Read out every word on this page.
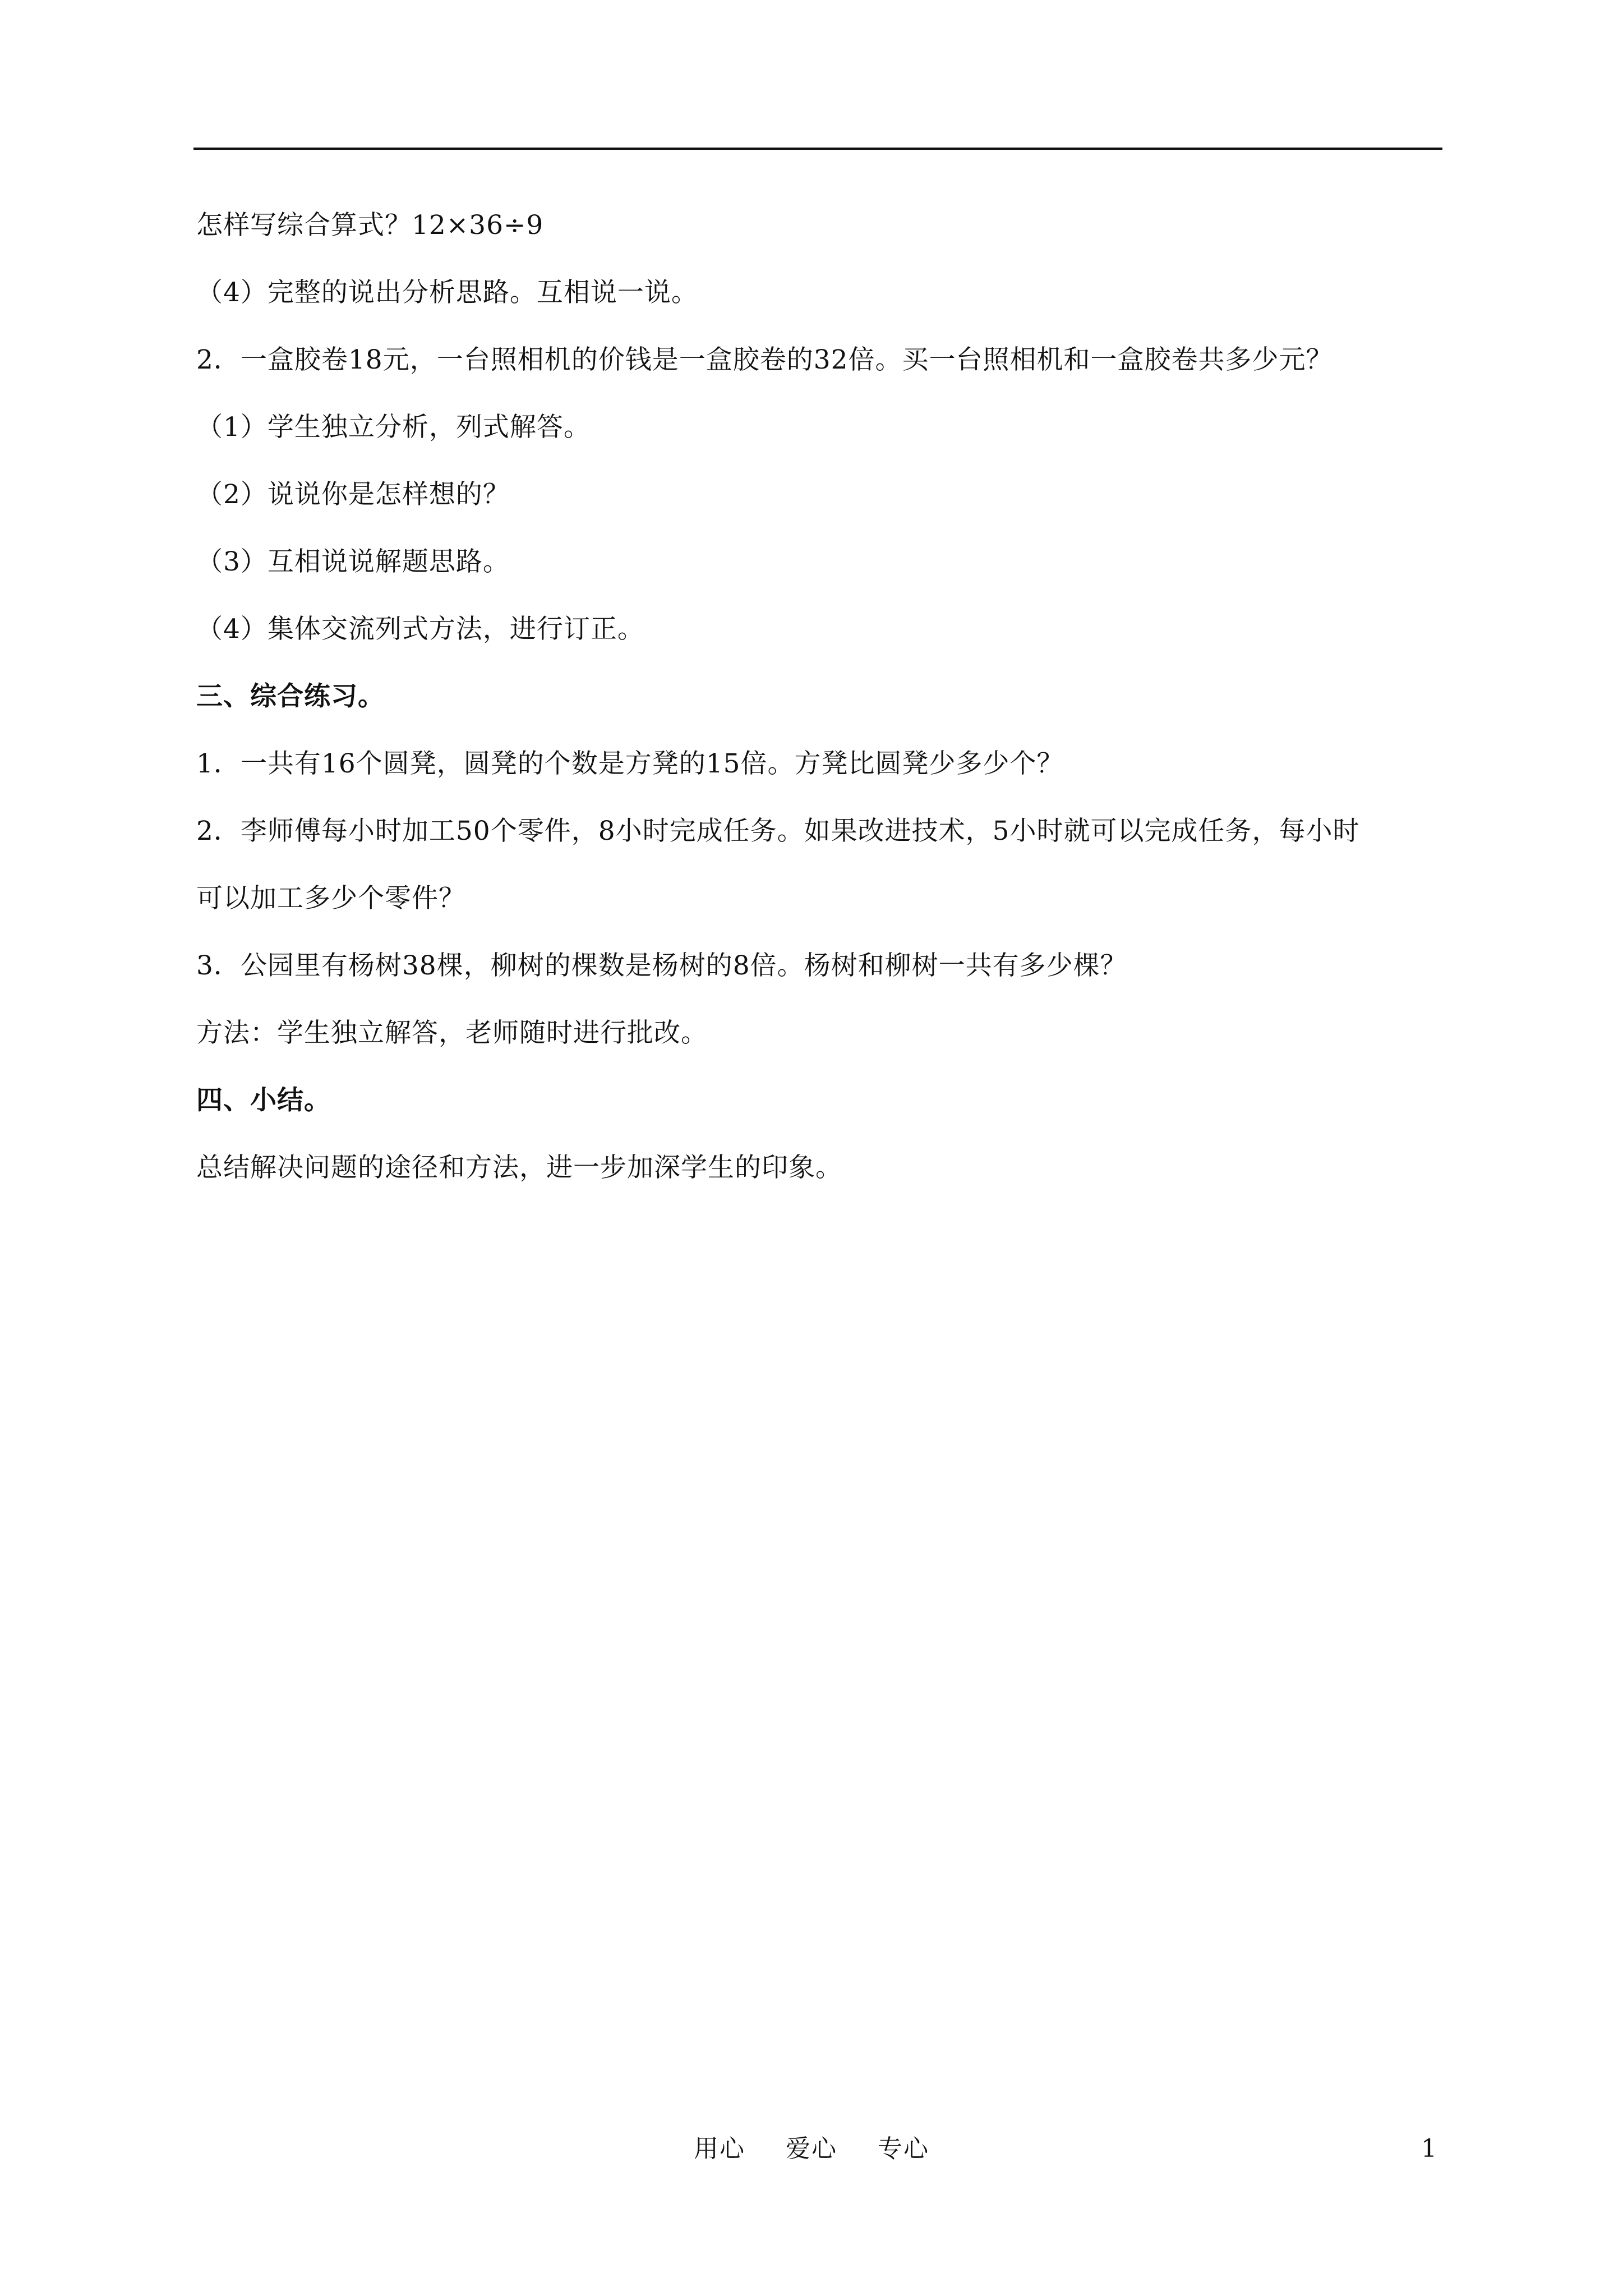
怎样写综合算式？12×36÷9
（4）完整的说出分析思路。互相说一说。
2．一盒胶卷18元，一台照相机的价钱是一盒胶卷的32倍。买一台照相机和一盒胶卷共多少元？
（1）学生独立分析，列式解答。
（2）说说你是怎样想的？
（3）互相说说解题思路。
（4）集体交流列式方法，进行订正。
三、综合练习。
1．一共有16个圆凳，圆凳的个数是方凳的15倍。方凳比圆凳少多少个？
2．李师傅每小时加工50个零件，8小时完成任务。如果改进技术，5小时就可以完成任务，每小时
可以加工多少个零件？
3．公园里有杨树38棵，柳树的棵数是杨树的8倍。杨树和柳树一共有多少棵？
方法：学生独立解答，老师随时进行批改。
四、小结。
总结解决问题的途径和方法，进一步加深学生的印象。
用心 爱心 专心	1
